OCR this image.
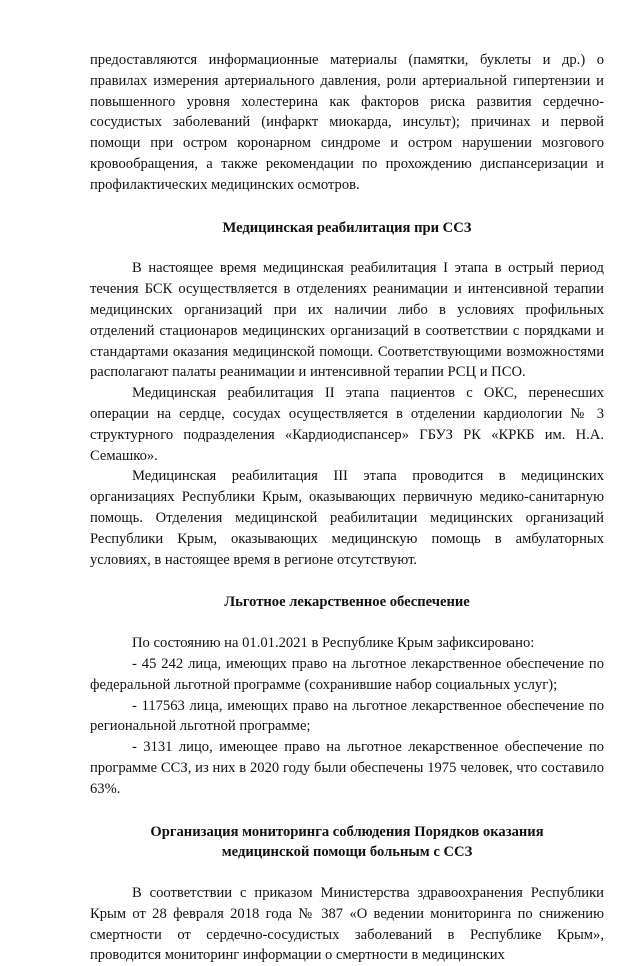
предоставляются информационные материалы (памятки, буклеты и др.) о правилах измерения артериального давления, роли артериальной гипертензии и повышенного уровня холестерина как факторов риска развития сердечно-сосудистых заболеваний (инфаркт миокарда, инсульт); причинах и первой помощи при остром коронарном синдроме и остром нарушении мозгового кровообращения, а также рекомендации по прохождению диспансеризации и профилактических медицинских осмотров.

Медицинская реабилитация при ССЗ

В настоящее время медицинская реабилитация I этапа в острый период течения БСК осуществляется в отделениях реанимации и интенсивной терапии медицинских организаций при их наличии либо в условиях профильных отделений стационаров медицинских организаций в соответствии с порядками и стандартами оказания медицинской помощи. Соответствующими возможностями располагают палаты реанимации и интенсивной терапии РСЦ и ПСО.

Медицинская реабилитация II этапа пациентов с ОКС, перенесших операции на сердце, сосудах осуществляется в отделении кардиологии № 3 структурного подразделения «Кардиодиспансер» ГБУЗ РК «КРКБ им. Н.А. Семашко».

Медицинская реабилитация III этапа проводится в медицинских организациях Республики Крым, оказывающих первичную медико-санитарную помощь. Отделения медицинской реабилитации медицинских организаций Республики Крым, оказывающих медицинскую помощь в амбулаторных условиях, в настоящее время в регионе отсутствуют.

Льготное лекарственное обеспечение

По состоянию на 01.01.2021 в Республике Крым зафиксировано:

- 45 242 лица, имеющих право на льготное лекарственное обеспечение по федеральной льготной программе (сохранившие набор социальных услуг);

- 117563 лица, имеющих право на льготное лекарственное обеспечение по региональной льготной программе;

- 3131 лицо, имеющее право на льготное лекарственное обеспечение по программе ССЗ, из них в 2020 году были обеспечены 1975 человек, что составило 63%.

Организация мониторинга соблюдения Порядков оказания
медицинской помощи больным с ССЗ

В соответствии с приказом Министерства здравоохранения Республики Крым от 28 февраля 2018 года № 387 «О ведении мониторинга по снижению смертности от сердечно-сосудистых заболеваний в Республике Крым», проводится мониторинг информации о смертности в медицинских
